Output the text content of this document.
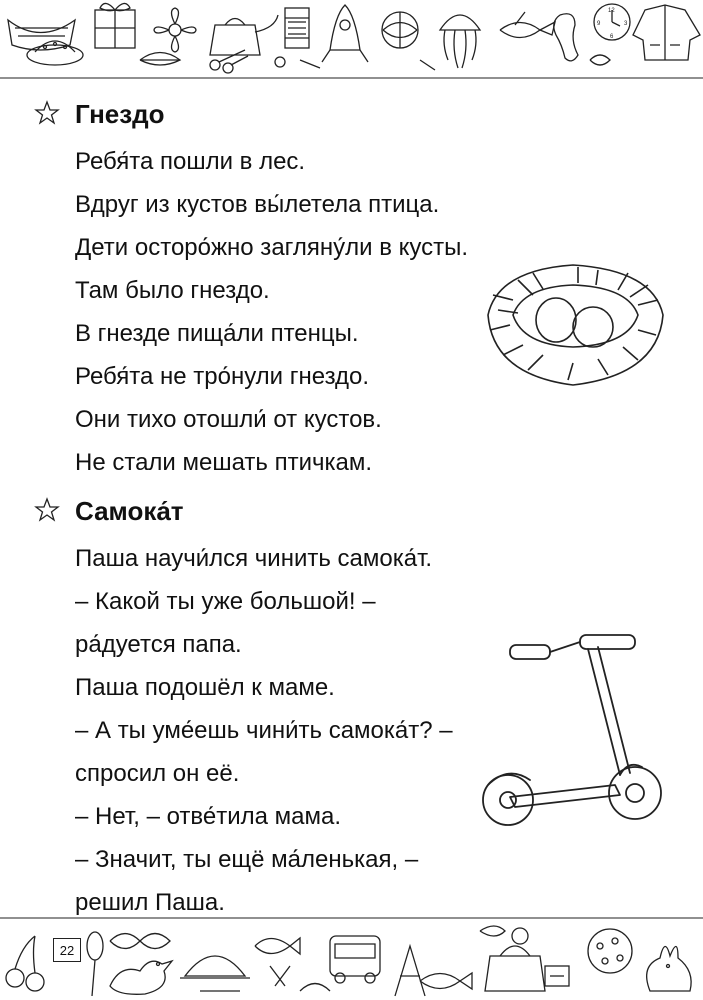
12
9	3
6
Гнездо
Ребя́та пошли в лес.
Вдруг из кустов вы́летела птица.
Дети осторо́жно загляну́ли в кусты.
Там было гнездо.
В гнезде пища́ли птенцы.
Ребя́та не тро́нули гнездо.
Они тихо отошли́ от кустов.
Не стали мешать птичкам.
Самока́т
Паша научи́лся чинить самока́т.
– Какой ты уже большой! –
ра́дуется папа.
Паша подошёл к маме.
– А ты уме́ешь чини́ть самока́т? –
спросил он её.
– Нет, – отве́тила мама.
– Значит, ты ещё ма́ленькая, –
решил Паша.
22
